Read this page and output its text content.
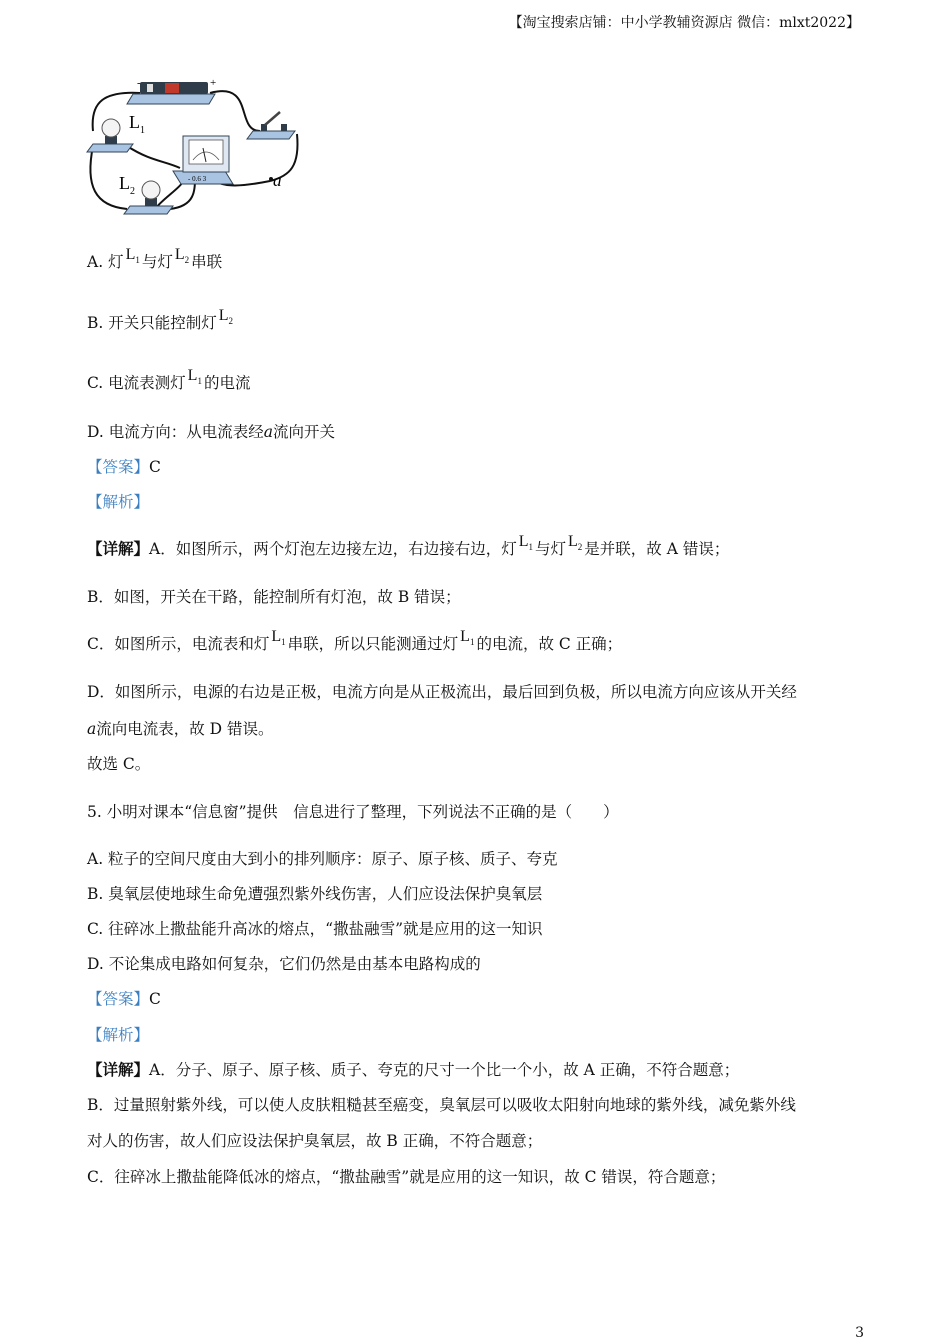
【淘宝搜索店铺：中小学教辅资源店 微信：mlxt2022】
-	+
L 1
L 2
- 0.6 3	a
A. 灯 $L_1$ 与灯 $L_2$ 串联
B. 开关只能控制灯 $L_2$
C. 电流表测灯 $L_1$ 的电流
D. 电流方向：从电流表经a流向开关
【答案】C
【解析】
【详解】A．如图所示，两个灯泡左边接左边，右边接右边，灯 $L_1$ 与灯 $L_2$ 是并联，故 A 错误；
B．如图，开关在干路，能控制所有灯泡，故 B 错误；
C．如图所示，电流表和灯 $L_1$ 串联，所以只能测通过灯 $L_1$ 的电流，故 C 正确；
D．如图所示，电源的右边是正极，电流方向是从正极流出，最后回到负极，所以电流方向应该从开关经
a流向电流表，故 D 错误。
故选 C。
5. 小明对课本“信息窗”提供　信息进行了整理，下列说法不正确的是（　　）
A. 粒子的空间尺度由大到小的排列顺序：原子、原子核、质子、夸克
B. 臭氧层使地球生命免遭强烈紫外线伤害，人们应设法保护臭氧层
C. 往碎冰上撒盐能升高冰的熔点，“撒盐融雪”就是应用的这一知识
D. 不论集成电路如何复杂，它们仍然是由基本电路构成的
【答案】C
【解析】
【详解】A．分子、原子、原子核、质子、夸克的尺寸一个比一个小，故 A 正确，不符合题意；
B．过量照射紫外线，可以使人皮肤粗糙甚至癌变，臭氧层可以吸收太阳射向地球的紫外线，减免紫外线
对人的伤害，故人们应设法保护臭氧层，故 B 正确，不符合题意；
C．往碎冰上撒盐能降低冰的熔点，“撒盐融雪”就是应用的这一知识，故 C 错误，符合题意；
3
